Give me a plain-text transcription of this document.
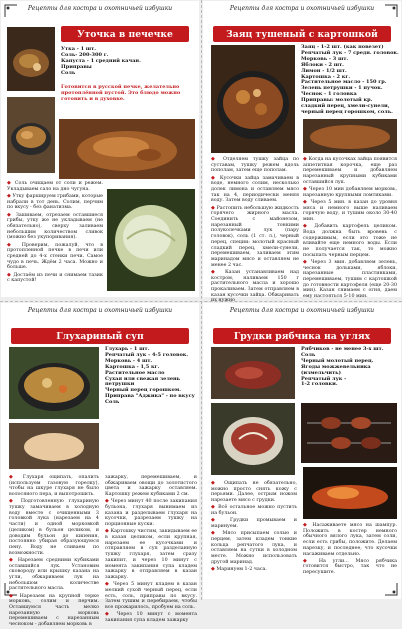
Рецепты для костра и охотничьей избушки
Уточка в печечке
Утка - 1 шт.
Соль- 200-300 г.
Капуста - 1 средний качан.
Приправы
Соль
Готовится в русской печке, желательно протоплённой пустой. Это блюдо можно готовить и в духовке.

◆ Соль очищаем от соли и режем. Укладываем сало на дно чугуна.

◆ Утку фаршируем грибами, которые набрали в тот день. Солим, перчим по вкусу - без фанатизма.

◆ Зашиваем, отрезаем оставшиеся грибы, утку же не укладываем (не обязательно), сверху заливаем небольшим количеством сливок (можно без укупоривания).

◆ Проверим, пожалуй, что в протопленной печке в печи или средней до 4-х стенки печи. Самое чудо в печь. Ждём 2 часа. Можно и больше.

◆ Достаём из печи и снимаем тазик с капустой!

Рецепты для костра и охотничьей избушки
Заяц тушеный с картошкой
Заяц - 1-2 шт. (как повезет)
Репчатый лук - 7 средн. головок.
Морковь - 3 шт.
Яблоки - 2 шт.
Лимон - 1/2 шт.
Картошка - 2 кг.
Растительное масло - 150 гр.
Зелень петрушки - 1 пучок.
Чеснок - 1 головка
Приправы: молотый кр. сладкий перец, хмели-сунели, черный перец горошком, соль.

◆ Отделяем тушку зайца по суставам, тушку режем вдоль пополам, затем еще пополам.

◆ Кусочки зайца замачиваем в воде, немного солим, несколько долек лимона и оставляем мясо так на 4, периодически меняя воду. Затем воду сливаем.

◆ Растопить небольшую жидкость горячего жирного масла. Соединить с майонезом, нарезанный тонкими полуколечками лук (пару головок), соль (1 ст. л.), черный перец, специи: молотый красный сладкий перец, хмели-сунели, перемешиваем, заливаем этим маринадом мясо и оставляем не менее 2 час.

◆ Казан устанавливаем над костром, наливаем 150 г растительного масла и хорошо прокаливаем. Затем отправляем в казан кусочки зайца. Обжаривать их нужно

◆ Когда на кусочках зайца появится аппетитная корочка, еще раз перемешиваем и добавляем нарезанный крупными кубиками оставшийся лук.

◆ Через 10 мин добавляем морковь, нарезанную крупными ломтиками.

◆ Через 5 мин. в казан до уровня мяса и немного выше наливаем горячую воду, и тушим около 30-40 мин.

◆ Добавить картофель целиком. Вода должна быть вровень с содержимым, если это тоже не вливайте еще немного воды. Если не получается так, то можно посыпать черным перцем.

◆ Через 3 мин. добавляем зелень, чеснок дольками, яблоки, нарезанные пластинками, перемешиваем, тушим с картошкой до готовности картофеля (еще 20-30 мин). Казан снимаем с огня, даем ему настояться 5-10 мин.

Рецепты для костра и охотничьей избушки
Глухариный суп
Глухарь - 1 шт.
Репчатый лук - 4-5 головок.
Морковь - 4 шт.
Картошка - 1,5 кг.
Растительное масло
Сухая или свежая зелень петрушки
Черный перец горошком.
Приправа "Аджика" - по вкусу
Соль

◆ Глухаря ощипать, опалить (используем газовую горелку), чтобы на шкуре глухаря не было волосяного пера, и выпотрошить.

◆ Подготовленную глухариную тушку замачиваем в холодную воду вместе с очищенными 3 головкой лука (нарезаем на 4 части) и одной морковкой (целиком) в бульон целиком, и доводим бульон до кипения, постоянно убирая образующуюся пену. Воду не сливаем по возможности.

◆ Нарезаем средними кубиками оставшийся лук. Установим сковороду или крышку казана на угли, обжариваем лук на небольшом количестве растительного масла.

◆ Нарезаем на крупной терке морковь, солим и перчим. Оставшуюся часть мелко нарезанную морковь перемешиваем с нарезанным чесноком - добавляем морковь в

зажарку, перемешиваем, и обжариваем овощи до золотистого цвета и зажарку оставляем. Картошку режем кубиками 2 см.

◆ Через минут 40 после закипания бульона, глухаря вынимаем из казана и разделываем глухаря на кусочки, разрезаем тушку на порционные куски.

◆ Картошку чистим, закидываем ее в казан целиком, если крупная, нарезаем ее кусочками и отправляем в суп разделанную тушку глухаря, затем сразу закипит, и через 10 минут с момента закипания супа кладем зажарку в отправляем в казан зажарку.

◆ Через 5 минут кладем в казан мелкий сухой черный перец, если есть, соль, приправы по вкусу. Затем тушим и перебираем, чтобы все прожарилось, пробуем на соль.

◆ Через 10 минут с момента закипания супа кладем зажарку

Рецепты для костра и охотничьей избушки
Грудки рябчика на углях
Рябчиков - не менее 3-х шт.
Соль
Черный молотый перец.
Ягоды можжевельника (измельчить)
Репчатый лук -
1-2 головки.

◆ Ощипать не обязательно, можно просто снять кожу с перьями. Далее, острым ножом нарезаете мясо с грудки.

◆ Всё остальное можно пустить на бульон.

◆ Грудки промываем и маринуем.

◆ Мясо присыпаем солью и перцем, затем кладем тонкие кольца репчатого лука, и оставляем на сутки в холодном месте. Можно использовать другой маринад.

◆ Маринуем 1-2 часа.

◆ Насаживаете мясо на шампур. Положить в костер немного обычного вялого лука, затем соли, если есть грибы, положите. Делаем нарезку, и последнее, что кусочки насаживаем отдельно.

◆ На угли... Мясо рябчика готовится быстро, так что не пересушите.
